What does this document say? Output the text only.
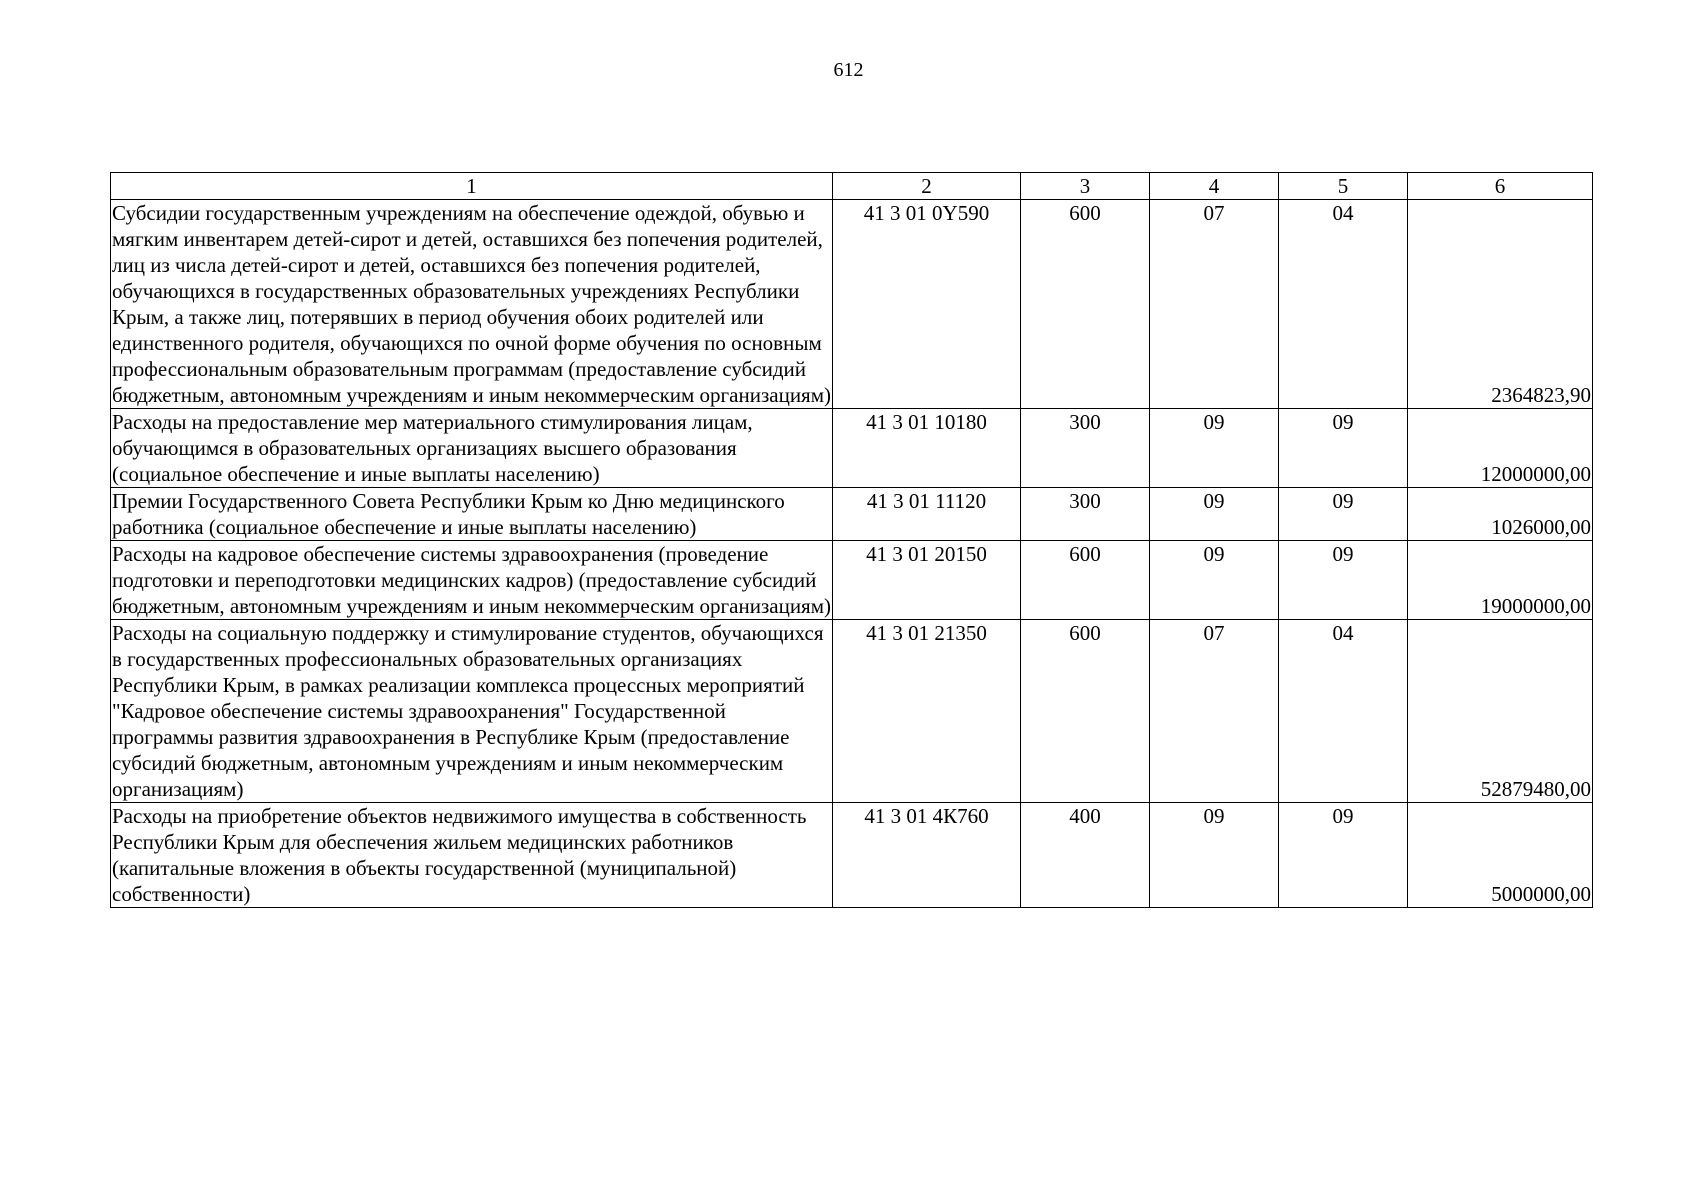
612
1	2	3	4	5	6
Субсидии государственным учреждениям на обеспечение одеждой, обувью и мягким инвентарем детей-сирот и детей, оставшихся без попечения родителей, лиц из числа детей-сирот и детей, оставшихся без попечения родителей, обучающихся в государственных образовательных учреждениях Республики Крым, а также лиц, потерявших в период обучения обоих родителей или единственного родителя, обучающихся по очной форме обучения по основным профессиональным образовательным программам (предоставление субсидий бюджетным, автономным учреждениям и иным некоммерческим организациям)	41 3 01 0Y590	600	07	04	2364823,90
Расходы на предоставление мер материального стимулирования лицам, обучающимся в образовательных организациях высшего образования (социальное обеспечение и иные выплаты населению)	41 3 01 10180	300	09	09	12000000,00
Премии Государственного Совета Республики Крым ко Дню медицинского работника (социальное обеспечение и иные выплаты населению)	41 3 01 11120	300	09	09	1026000,00
Расходы на кадровое обеспечение системы здравоохранения (проведение подготовки и переподготовки медицинских кадров) (предоставление субсидий бюджетным, автономным учреждениям и иным некоммерческим организациям)	41 3 01 20150	600	09	09	19000000,00
Расходы на социальную поддержку и стимулирование студентов, обучающихся в государственных профессиональных образовательных организациях Республики Крым, в рамках реализации комплекса процессных мероприятий "Кадровое обеспечение системы здравоохранения" Государственной программы развития здравоохранения в Республике Крым (предоставление субсидий бюджетным, автономным учреждениям и иным некоммерческим организациям)	41 3 01 21350	600	07	04	52879480,00
Расходы на приобретение объектов недвижимого имущества в собственность Республики Крым для обеспечения жильем медицинских работников (капитальные вложения в объекты государственной (муниципальной) собственности)	41 3 01 4К760	400	09	09	5000000,00
